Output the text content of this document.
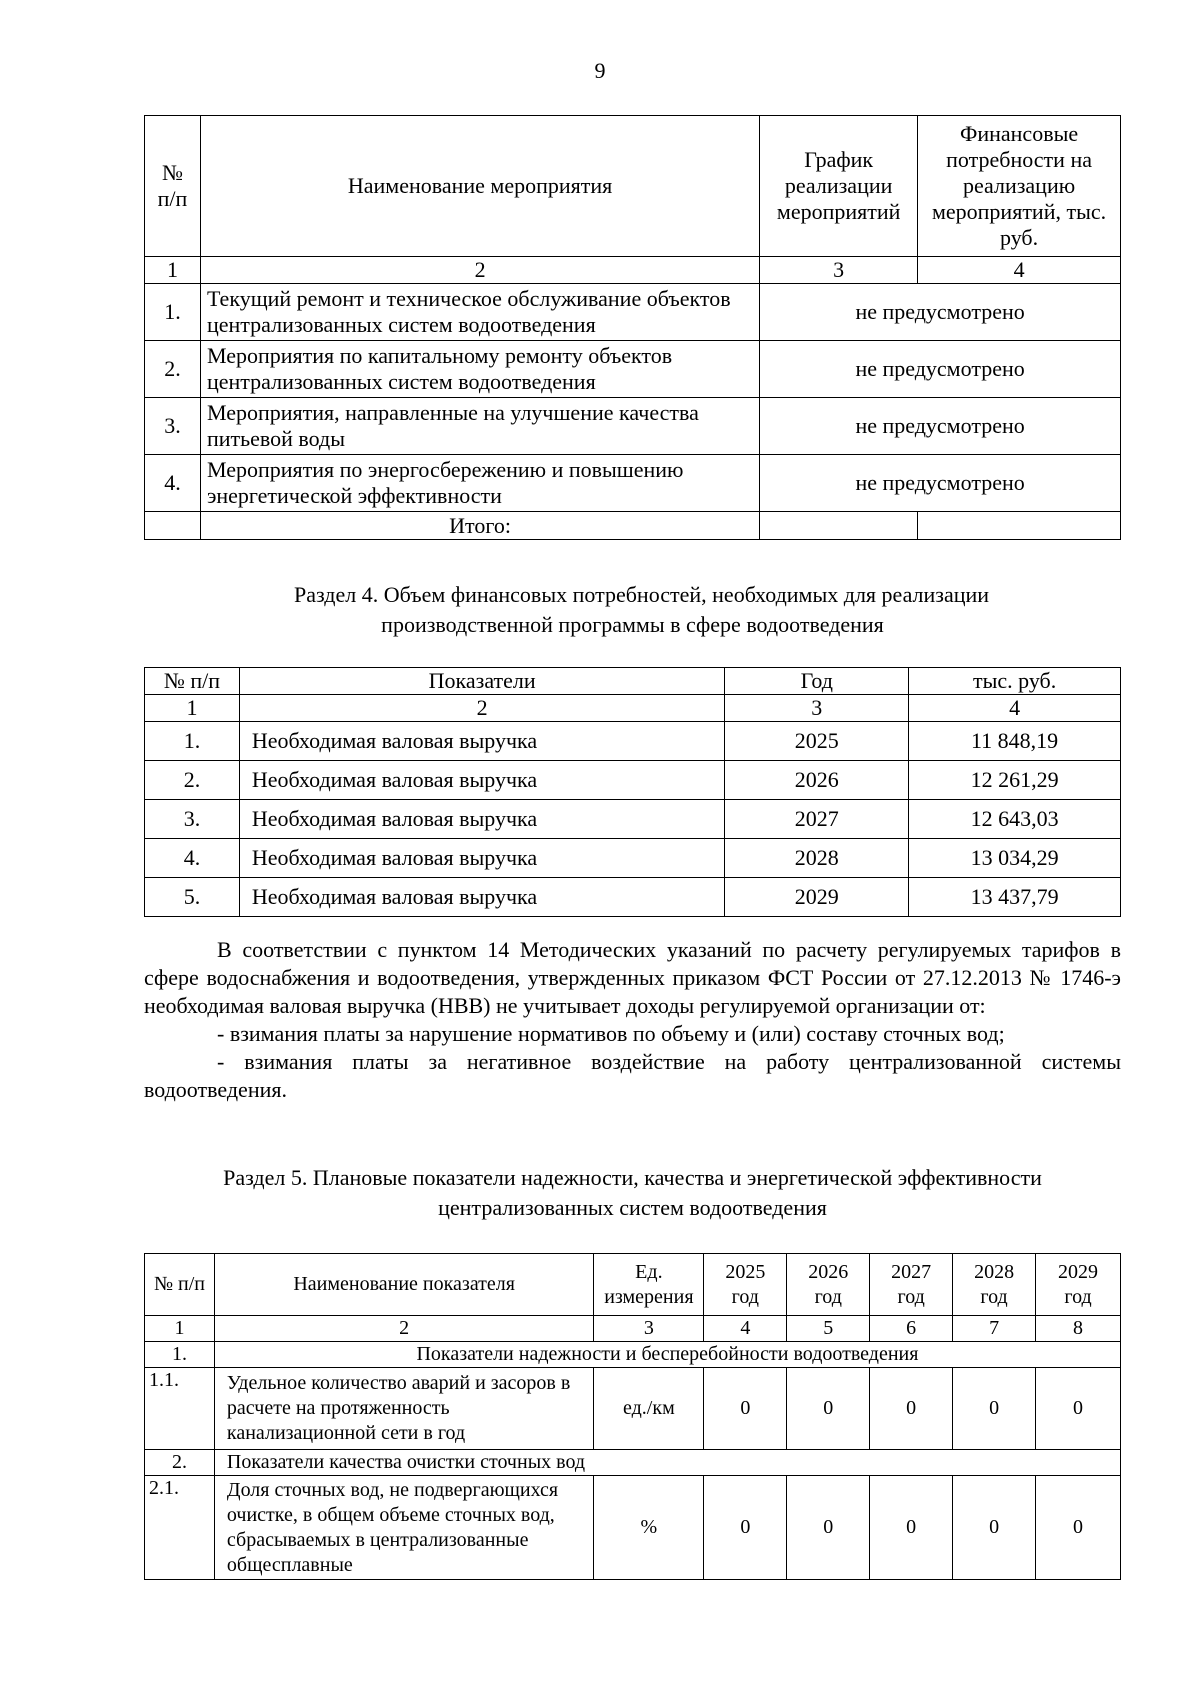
9
№ п/п	Наименование мероприятия	График реализации мероприятий	Финансовые потребности на реализацию мероприятий, тыс. руб.
1	2	3	4
1.	Текущий ремонт и техническое обслуживание объектов централизованных систем водоотведения	не предусмотрено	
2.	Мероприятия по капитальному ремонту объектов централизованных систем водоотведения	не предусмотрено	
3.	Мероприятия, направленные на улучшение качества питьевой воды	не предусмотрено	
4.	Мероприятия по энергосбережению и повышению энергетической эффективности	не предусмотрено	
	Итого:		
Раздел 4. Объем финансовых потребностей, необходимых для реализации
производственной программы в сфере водоотведения
№ п/п	Показатели	Год	тыс. руб.
1	2	3	4
1.	Необходимая валовая выручка	2025	11 848,19
2.	Необходимая валовая выручка	2026	12 261,29
3.	Необходимая валовая выручка	2027	12 643,03
4.	Необходимая валовая выручка	2028	13 034,29
5.	Необходимая валовая выручка	2029	13 437,79
В соответствии с пунктом 14 Методических указаний по расчету регулируемых тарифов в сфере водоснабжения и водоотведения, утвержденных приказом ФСТ России от 27.12.2013 № 1746-э необходимая валовая выручка (НВВ) не учитывает доходы регулируемой организации от:
- взимания платы за нарушение нормативов по объему и (или) составу сточных вод;
- взимания платы за негативное воздействие на работу централизованной системы водоотведения.
Раздел 5. Плановые показатели надежности, качества и энергетической эффективности
централизованных систем водоотведения
№ п/п	Наименование показателя	Ед. измерения	2025 год	2026 год	2027 год	2028 год	2029 год
1	2	3	4	5	6	7	8
1.	Показатели надежности и бесперебойности водоотведения						
1.1.	Удельное количество аварий и засоров в расчете на протяженность канализационной сети в год	ед./км	0	0	0	0	0
2.	Показатели качества очистки сточных вод						
2.1.	Доля сточных вод, не подвергающихся очистке, в общем объеме сточных вод, сбрасываемых в централизованные общесплавные	%	0	0	0	0	0
